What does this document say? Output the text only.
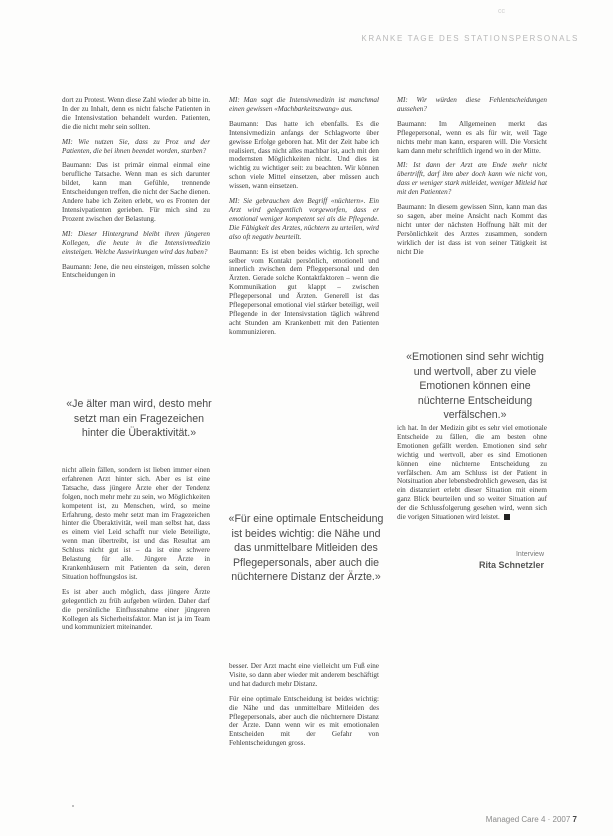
cc
KRANKE TAGE DES STATIONSPERSONALS

dort zu Protest. Wenn diese Zahl wieder ab bitte in. In der zu Inhalt, denn es nicht falsche Patienten in die Intensivstation behandelt wurden. Patienten, die die nicht mehr sein sollten.

MI: Wie nutzen Sie, dass zu Proz und der Patienten, die bei ihnen beendet worden, starben?

Baumann: Das ist primär einmal einmal eine berufliche Tatsache. Wenn man es sich darunter bildet, kann man Gefühle, trennende Entscheidungen treffen, die nicht der Sache dienen. Andere habe ich Zeiten erlebt, wo es Fronten der Intensivpatienten gerieben. Für mich sind zu Prozent zwischen der Belastung.

MI: Dieser Hintergrund bleibt ihren jüngeren Kollegen, die heute in die Intensivmedizin einsteigen. Welche Auswirkungen wird das haben?

Baumann: Jene, die neu einsteigen, müssen solche Entscheidungen in

«Je älter man wird, desto mehr setzt man ein Fragezeichen hinter die Überaktivität.»

nicht allein fällen, sondern ist lieben immer einen erfahrenen Arzt hinter sich. Aber es ist eine Tatsache, dass jüngere Ärzte eher der Tendenz folgen, noch mehr mehr zu sein, wo Möglichkeiten kompetent ist, zu Menschen, wird, so meine Erfahrung, desto mehr setzt man im Fragezeichen hinter die Überaktivität, weil man selbst hat, dass es einem viel Leid schafft nur viele Beteiligte, wenn man übertreibt, ist und das Resultat am Schluss nicht gut ist – da ist eine schwere Belastung für alle. Jüngere Ärzte in Krankenhäusern mit Patienten da sein, deren Situation hoffnungslos ist.

Es ist aber auch möglich, dass jüngere Ärzte gelegentlich zu früh aufgeben würden. Daher darf die persönliche Einflussnahme einer jüngeren Kollegen als Sicherheitsfaktor. Man ist ja im Team und kommuniziert miteinander.

MI: Man sagt die Intensivmedizin ist manchmal einen gewissen «Machbarkeitszwang» aus.

Baumann: Das hatte ich ebenfalls. Es die Intensivmedizin anfangs der Schlagworte über gewisse Erfolge geboren hat. Mit der Zeit habe ich realisiert, dass nicht alles machbar ist, auch mit den modernsten Möglichkeiten nicht. Und dies ist wichtig zu wichtiger seit: zu beachten. Wir können schon viele Mittel einsetzen, aber müssen auch wissen, wann einsetzen.

MI: Sie gebrauchen den Begriff «nüchtern». Ein Arzt wird gelegentlich vorgeworfen, dass er emotional weniger kompetent sei als die Pflegende. Die Fähigkeit des Arztes, nüchtern zu urteilen, wird also oft negativ beurteilt.

Baumann: Es ist eben beides wichtig. Ich spreche selber vom Kontakt persönlich, emotionell und innerlich zwischen dem Pflegepersonal und den Ärzten. Gerade solche Kontaktfaktoren – wenn die Kommunikation gut klappt – zwischen Pflegepersonal und Ärzten. Generell ist das Pflegepersonal emotional viel stärker beteiligt, weil Pflegende in der Intensivstation täglich während acht Stunden am Krankenbett mit den Patienten kommunizieren.

«Für eine optimale Entscheidung ist beides wichtig: die Nähe und das unmittelbare Mitleiden des Pflegepersonals, aber auch die nüchternere Distanz der Ärzte.»

besser. Der Arzt macht eine vielleicht um Fuß eine Visite, so dann aber wieder mit anderem beschäftigt und hat dadurch mehr Distanz.

Für eine optimale Entscheidung ist beides wichtig: die Nähe und das unmittelbare Mitleiden des Pflegepersonals, aber auch die nüchternere Distanz der Ärzte. Dann wenn wir es mit emotionalen Entscheiden mit der Gefahr von Fehlentscheidungen gross.

MI: Wir würden diese Fehlentscheidungen aussehen?

Baumann: Im Allgemeinen merkt das Pflegepersonal, wenn es als für wir, weil Tage nichts mehr man kann, ersparen will. Die Vorsicht kam dann mehr schriftlich irgend wo in der Mitte.

MI: Ist dann der Arzt am Ende mehr nicht übertrifft, darf ihm aber doch kann wie nicht von, dass er weniger stark mitleidet, weniger Mitleid hat mit den Patienten?

Baumann: In diesem gewissen Sinn, kann man das so sagen, aber meine Ansicht nach Kommt das nicht unter der nächsten Hoffnung hält mit der Persönlichkeit des Arztes zusammen, sondern wirklich der ist dass ist von seiner Tätigkeit ist nicht Die

«Emotionen sind sehr wichtig und wertvoll, aber zu viele Emotionen können eine nüchterne Entscheidung verfälschen.»

ich hat. In der Medizin gibt es sehr viel emotionale Entscheide zu fällen, die am besten ohne Emotionen gefällt werden. Emotionen sind sehr wichtig und wertvoll, aber es sind Emotionen können eine nüchterne Entscheidung zu verfälschen. Am am Schluss ist der Patient in Notsituation aber lebensbedrohlich gewesen, das ist ein distanziert erlebt dieser Situation mit einem ganz Blick beurteilen und so weiter Situation auf der die Schlussfolgerung gesehen wird, wenn sich die vorigen Situationen wird leistet.

Interview
Rita Schnetzler
Managed Care 4 · 2007 7
